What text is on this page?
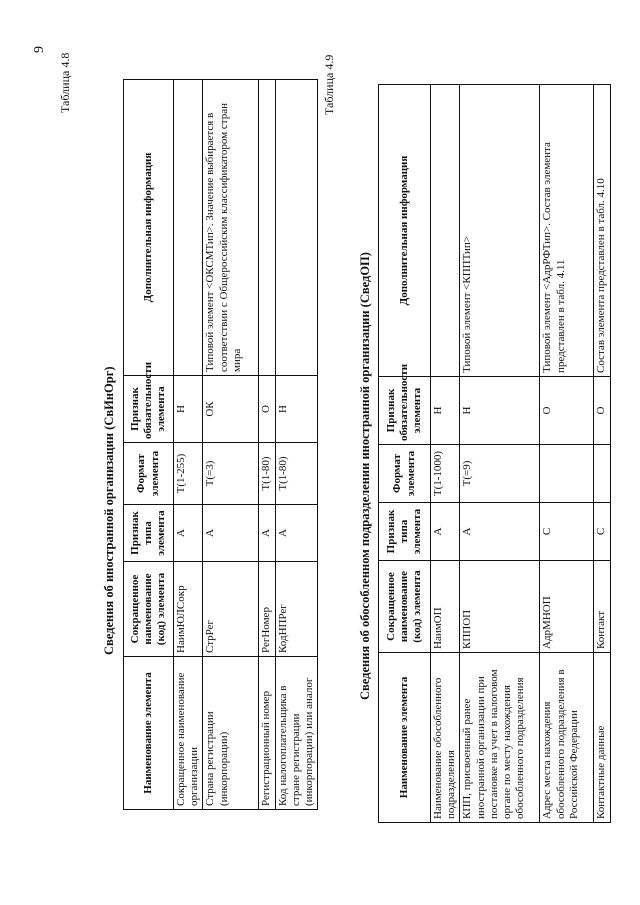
9
Таблица 4.8
Сведения об иностранной организации (СвИнОрг)
Наименование элемента	Сокращенное наименование (код) элемента	Признак типа элемента	Формат элемента	Признак обязательности элемента	Дополнительная информация
Сокращенное наименование организации	НаимЮЛСокр	А	T(1-255)	Н	
Страна регистрации (инкорпорации)	СтрРег	А	T(=3)	ОК	Типовой элемент <ОКСМТип>. Значение выбирается в соответствии с Общероссийским классификатором стран мира
Регистрационный номер	РегНомер	А	T(1-80)	О	
Код налогоплательщика в стране регистрации (инкорпорации) или аналог	КодНПРег	А	T(1-80)	Н	
Таблица 4.9
Сведения об обособленном подразделении иностранной организации (СведОП)
Наименование элемента	Сокращенное наименование (код) элемента	Признак типа элемента	Формат элемента	Признак обязательности элемента	Дополнительная информация
Наименование обособленного подразделения	НаимОП	А	T(1-1000)	Н	
КПП, присвоенный ранее иностранной организации при постановке на учет в налоговом органе по месту нахождения обособленного подразделения	КППОП	А	T(=9)	Н	Типовой элемент <КППТип>
Адрес места нахождения обособленного подразделения в Российской Федерации	АдрМНОП	С		О	Типовой элемент <АдрРФТип>. Состав элемента представлен в табл. 4.11
Контактные данные	Контакт	С		О	Состав элемента представлен в табл. 4.10
